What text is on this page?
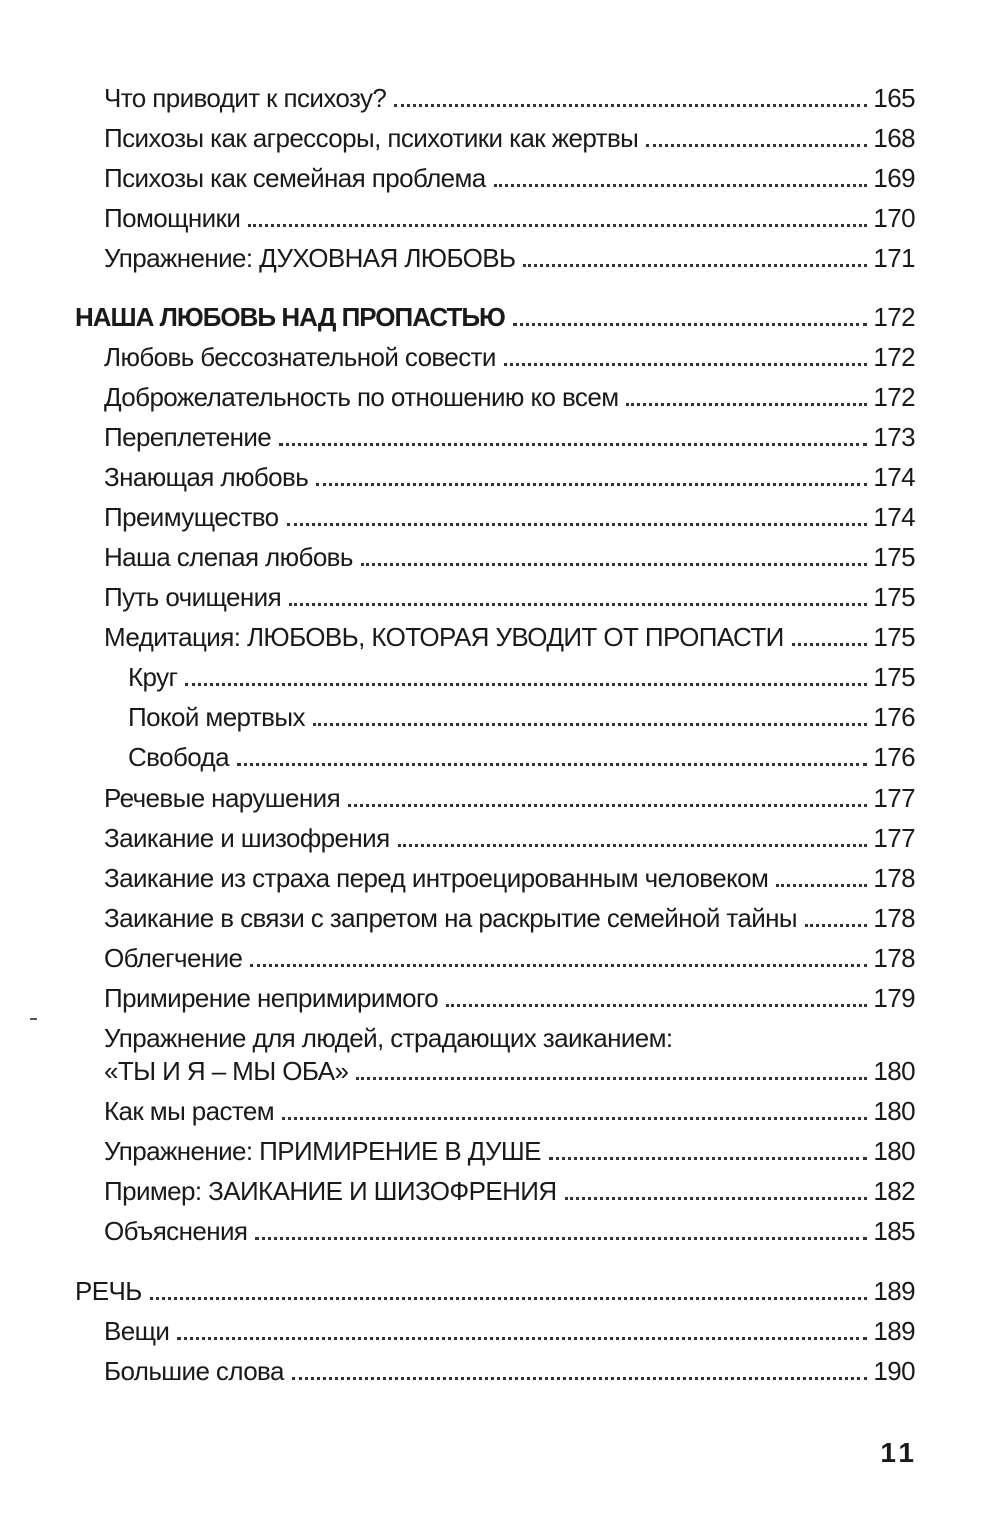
Что приводит к психозу?	165
Психозы как агрессоры, психотики как жертвы	168
Психозы как семейная проблема	169
Помощники	170
Упражнение: ДУХОВНАЯ ЛЮБОВЬ	171
НАША ЛЮБОВЬ НАД ПРОПАСТЬЮ	172
Любовь бессознательной совести	172
Доброжелательность по отношению ко всем	172
Переплетение	173
Знающая любовь	174
Преимущество	174
Наша слепая любовь	175
Путь очищения	175
Медитация: ЛЮБОВЬ, КОТОРАЯ УВОДИТ ОТ ПРОПАСТИ	175
Круг	175
Покой мертвых	176
Свобода	176
Речевые нарушения	177
Заикание и шизофрения	177
Заикание из страха перед интроецированным человеком	178
Заикание в связи с запретом на раскрытие семейной тайны	178
Облегчение	178
Примирение непримиримого	179
Упражнение для людей, страдающих заиканием:
«ТЫ И Я – МЫ ОБА»	180
Как мы растем	180
Упражнение: ПРИМИРЕНИЕ В ДУШЕ	180
Пример: ЗАИКАНИЕ И ШИЗОФРЕНИЯ	182
Объяснения	185
РЕЧЬ	189
Вещи	189
Большие слова	190
11
